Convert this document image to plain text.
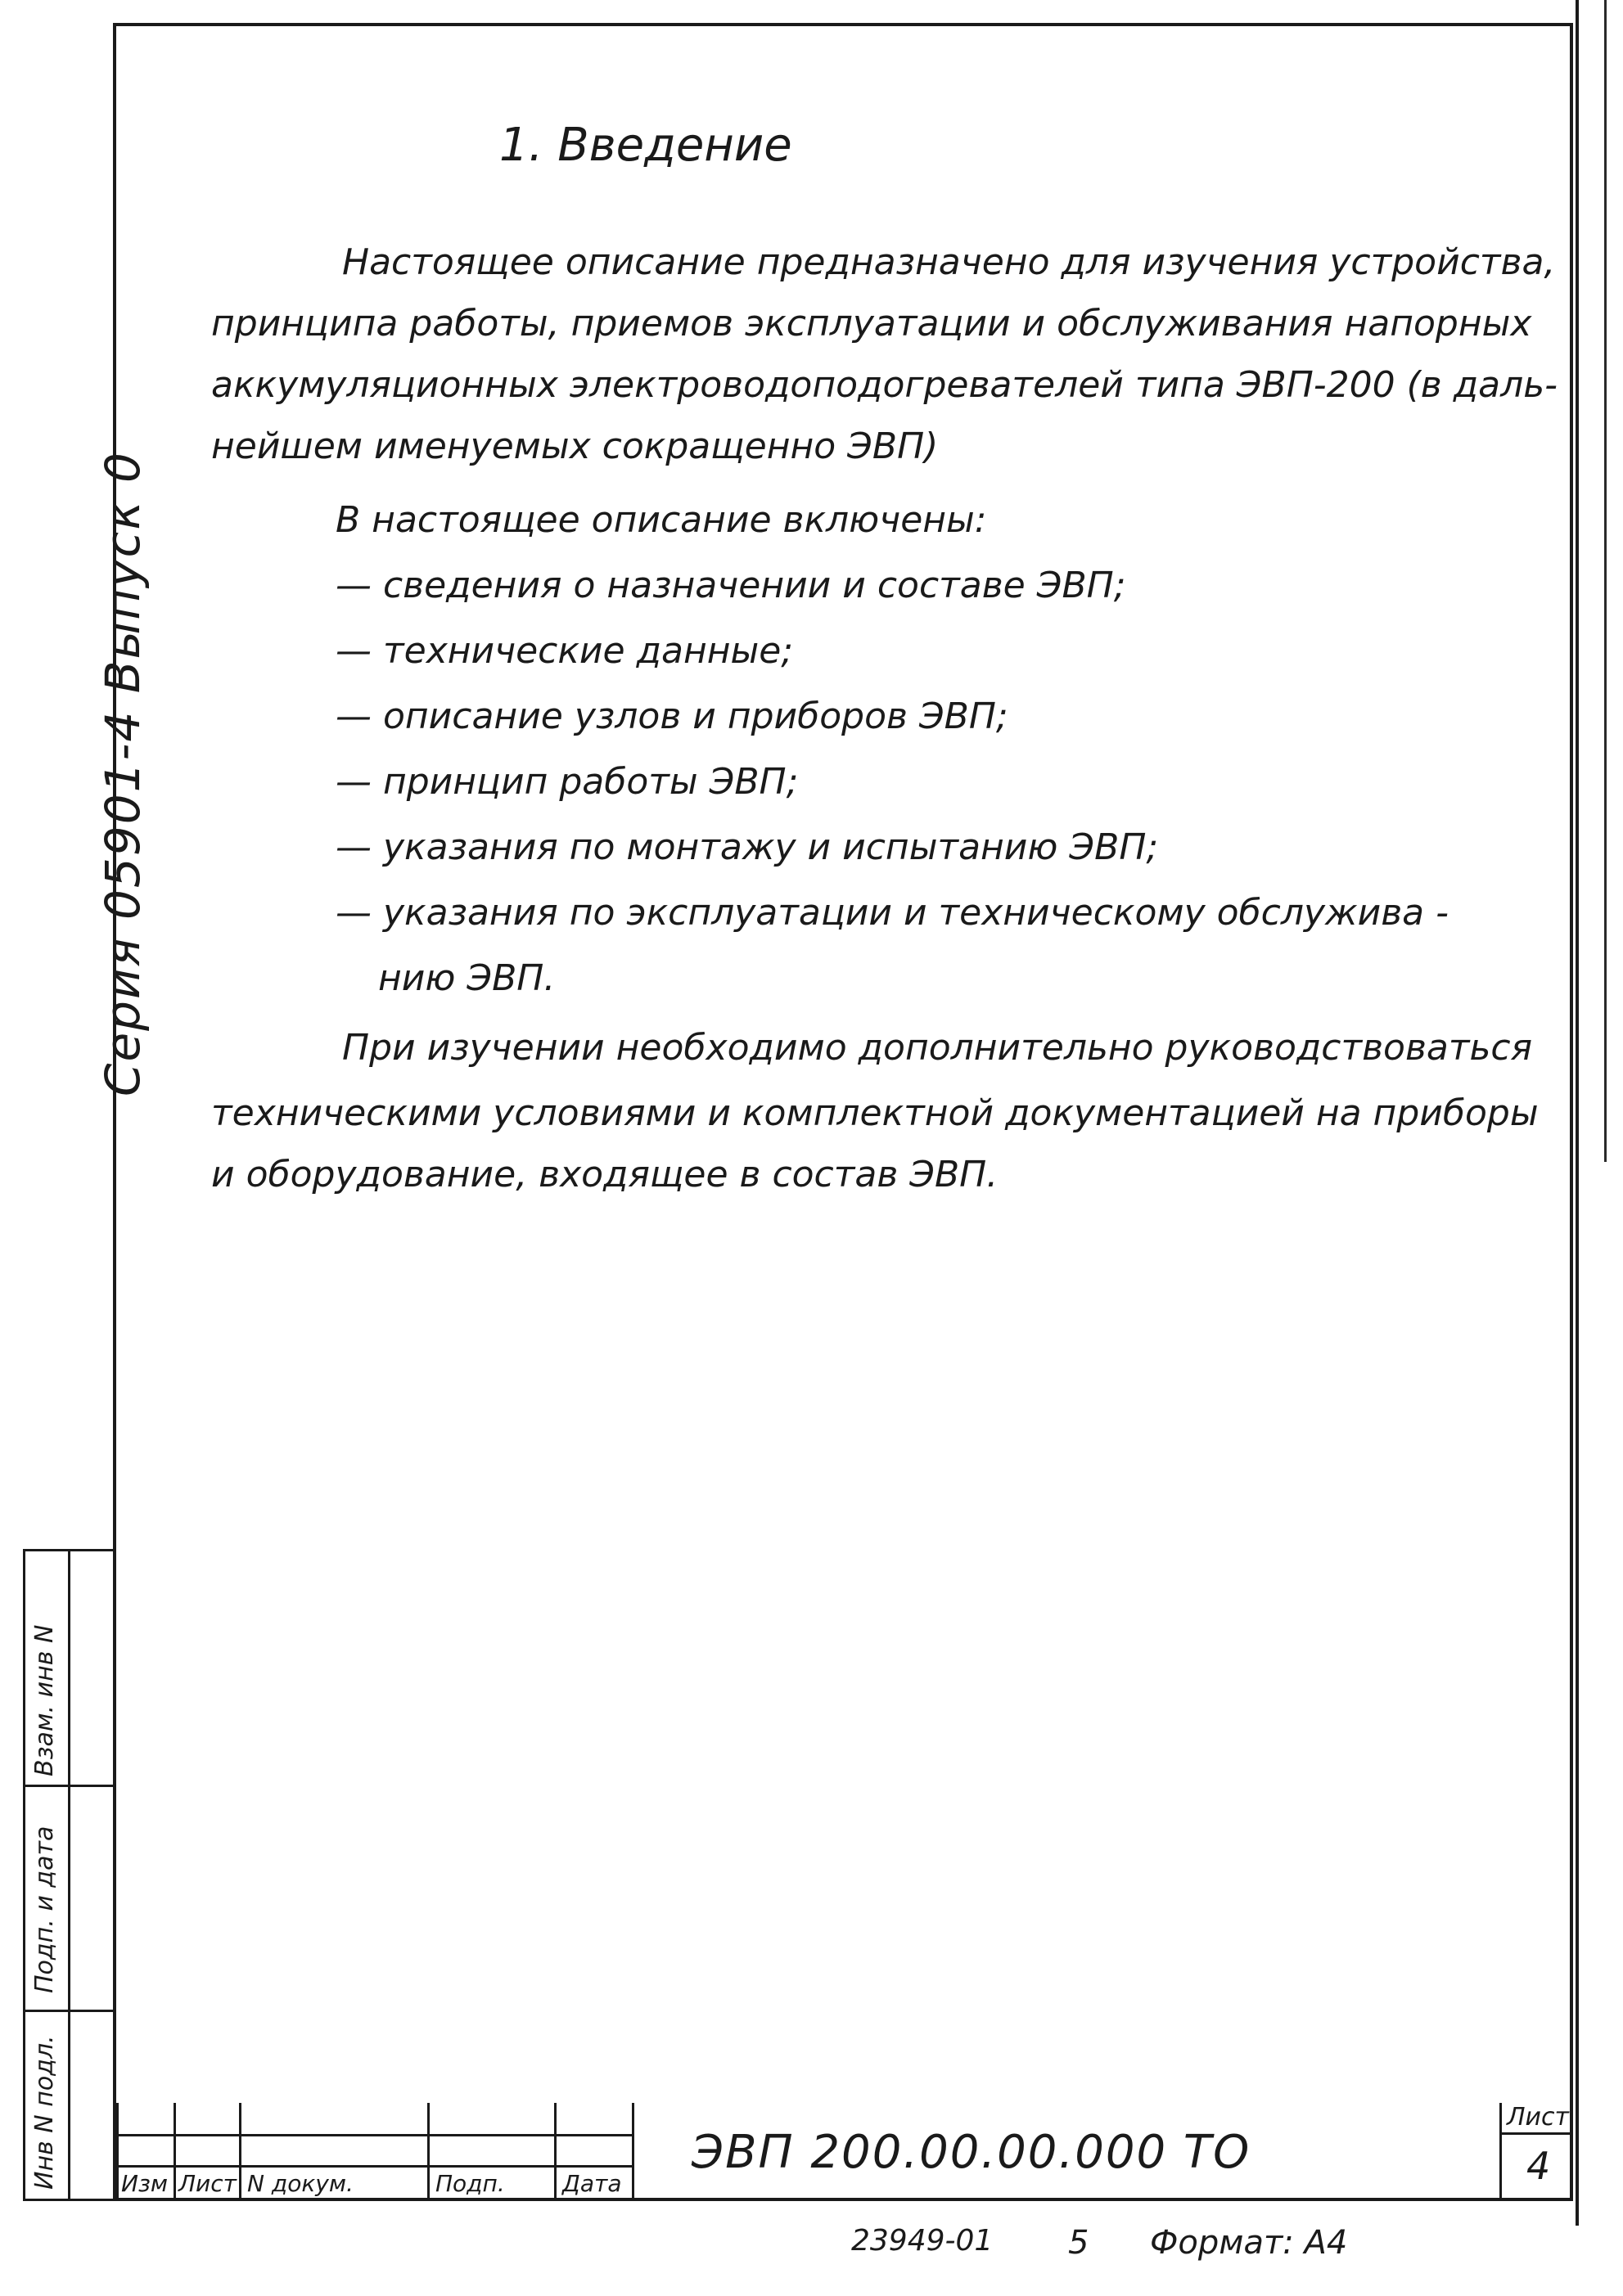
Серия 05901-4 Выпуск 0
1. Введение
Настоящее описание предназначено для изучения устройства,
принципа работы, приемов эксплуатации и обслуживания напорных
аккумуляционных электроводоподогревателей типа ЭВП-200 (в даль-
нейшем именуемых сокращенно ЭВП)
В настоящее описание включены:
— сведения о назначении и составе ЭВП;
— технические данные;
— описание узлов и приборов ЭВП;
— принцип работы ЭВП;
— указания по монтажу и испытанию ЭВП;
— указания по эксплуатации и техническому обслужива -
нию ЭВП.
При изучении необходимо дополнительно руководствоваться
техническими условиями и комплектной документацией на приборы
и оборудование, входящее в состав ЭВП.
Взам. инв N
Подп. и дата
Инв N подл.	Изм Лист N докум.	Подп.	Дата
ЭВП 200.00.00.000 ТО
Лист
4
23949-01 5 Формат: А4
